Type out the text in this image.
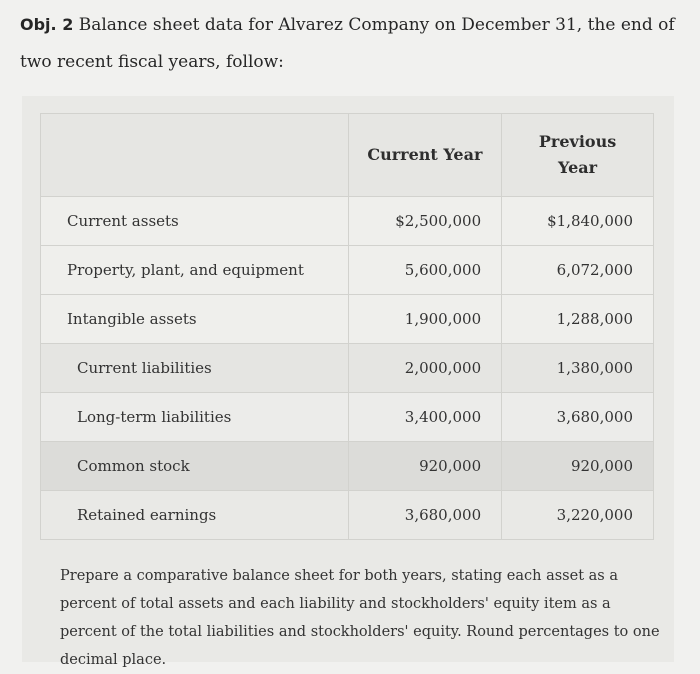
Obj. 2 Balance sheet data for Alvarez Company on December 31, the end of two recent fiscal years, follow:
	Current Year	Previous
Year

Current assets	$2,500,000	$1,840,000
Property, plant, and equipment	5,600,000	6,072,000
Intangible assets	1,900,000	1,288,000
Current liabilities	2,000,000	1,380,000
Long-term liabilities	3,400,000	3,680,000
Common stock	920,000	920,000
Retained earnings	3,680,000	3,220,000
Prepare a comparative balance sheet for both years, stating each asset as a percent of total assets and each liability and stockholders' equity item as a percent of the total liabilities and stockholders' equity. Round percentages to one decimal place.
